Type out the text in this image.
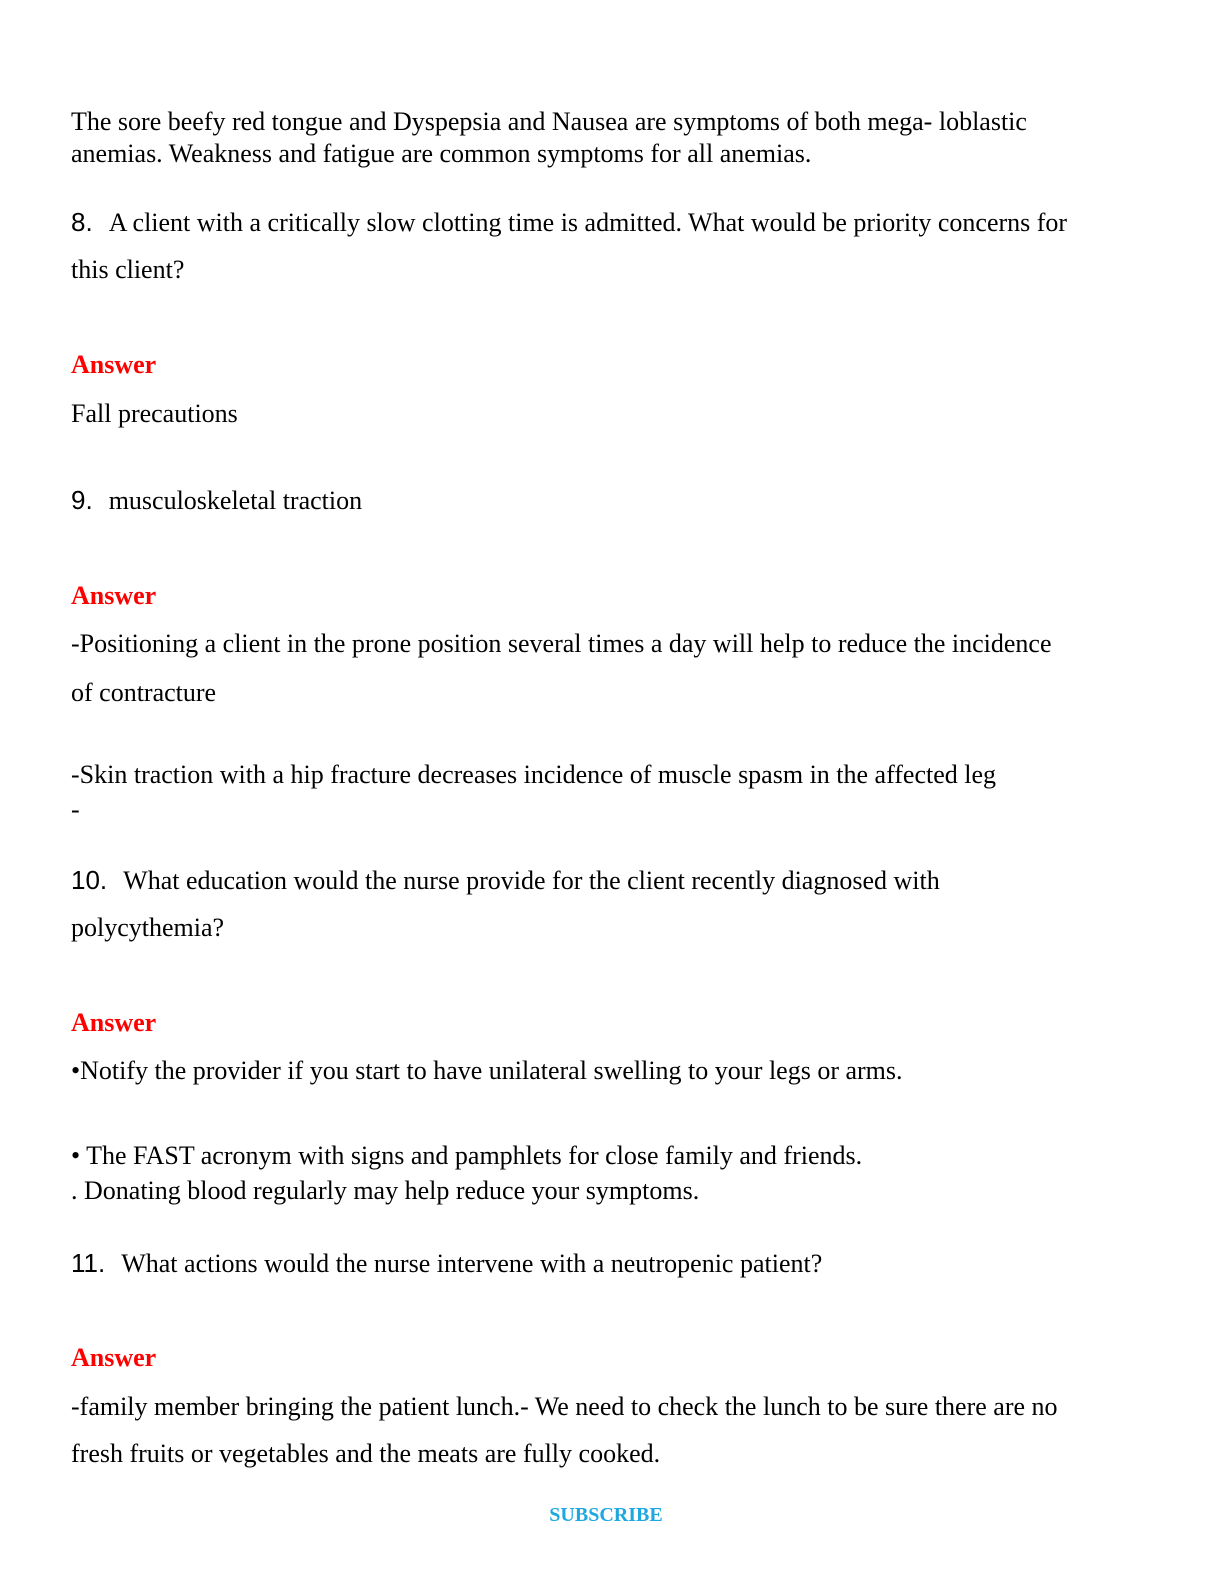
The sore beefy red tongue and Dyspepsia and Nausea are symptoms of both mega- loblastic
anemias. Weakness and fatigue are common symptoms for all anemias.
8. A client with a critically slow clotting time is admitted. What would be priority concerns for
this client?
Answer
Fall precautions
9. musculoskeletal traction
Answer
-Positioning a client in the prone position several times a day will help to reduce the incidence
of contracture
-Skin traction with a hip fracture decreases incidence of muscle spasm in the affected leg
-
10. What education would the nurse provide for the client recently diagnosed with
polycythemia?
Answer
•Notify the provider if you start to have unilateral swelling to your legs or arms.
• The FAST acronym with signs and pamphlets for close family and friends.
. Donating blood regularly may help reduce your symptoms.
11. What actions would the nurse intervene with a neutropenic patient?
Answer
-family member bringing the patient lunch.- We need to check the lunch to be sure there are no
fresh fruits or vegetables and the meats are fully cooked.
SUBSCRIBE
